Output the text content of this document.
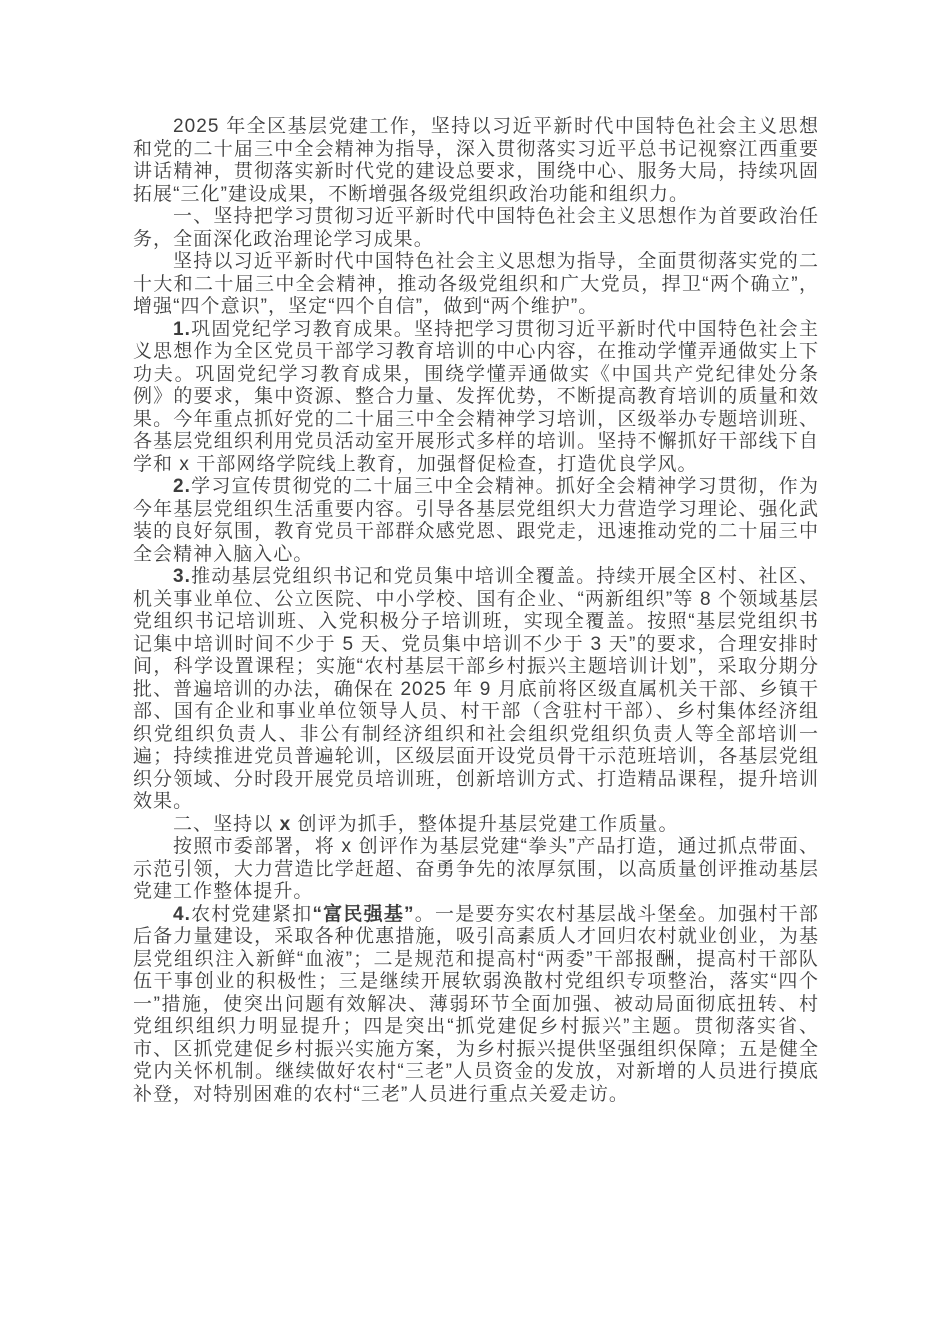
2025 年全区基层党建工作，坚持以习近平新时代中国特色社会主义思想和党的二十届三中全会精神为指导，深入贯彻落实习近平总书记视察江西重要讲话精神，贯彻落实新时代党的建设总要求，围绕中心、服务大局，持续巩固拓展“三化”建设成果，不断增强各级党组织政治功能和组织力。

一、坚持把学习贯彻习近平新时代中国特色社会主义思想作为首要政治任务，全面深化政治理论学习成果。

坚持以习近平新时代中国特色社会主义思想为指导，全面贯彻落实党的二十大和二十届三中全会精神，推动各级党组织和广大党员，捍卫“两个确立”，增强“四个意识”，坚定“四个自信”，做到“两个维护”。

1.巩固党纪学习教育成果。坚持把学习贯彻习近平新时代中国特色社会主义思想作为全区党员干部学习教育培训的中心内容，在推动学懂弄通做实上下功夫。巩固党纪学习教育成果，围绕学懂弄通做实《中国共产党纪律处分条例》的要求，集中资源、整合力量、发挥优势，不断提高教育培训的质量和效果。今年重点抓好党的二十届三中全会精神学习培训，区级举办专题培训班、各基层党组织利用党员活动室开展形式多样的培训。坚持不懈抓好干部线下自学和 x 干部网络学院线上教育，加强督促检查，打造优良学风。

2.学习宣传贯彻党的二十届三中全会精神。抓好全会精神学习贯彻，作为今年基层党组织生活重要内容。引导各基层党组织大力营造学习理论、强化武装的良好氛围，教育党员干部群众感党恩、跟党走，迅速推动党的二十届三中全会精神入脑入心。

3.推动基层党组织书记和党员集中培训全覆盖。持续开展全区村、社区、机关事业单位、公立医院、中小学校、国有企业、“两新组织”等 8 个领域基层党组织书记培训班、入党积极分子培训班，实现全覆盖。按照“基层党组织书记集中培训时间不少于 5 天、党员集中培训不少于 3 天”的要求，合理安排时间，科学设置课程；实施“农村基层干部乡村振兴主题培训计划”，采取分期分批、普遍培训的办法，确保在 2025 年 9 月底前将区级直属机关干部、乡镇干部、国有企业和事业单位领导人员、村干部（含驻村干部）、乡村集体经济组织党组织负责人、非公有制经济组织和社会组织党组织负责人等全部培训一遍；持续推进党员普遍轮训，区级层面开设党员骨干示范班培训，各基层党组织分领域、分时段开展党员培训班，创新培训方式、打造精品课程，提升培训效果。

二、坚持以 x 创评为抓手，整体提升基层党建工作质量。

按照市委部署，将 x 创评作为基层党建“拳头”产品打造，通过抓点带面、示范引领，大力营造比学赶超、奋勇争先的浓厚氛围，以高质量创评推动基层党建工作整体提升。

4.农村党建紧扣“富民强基”。一是要夯实农村基层战斗堡垒。加强村干部后备力量建设，采取各种优惠措施，吸引高素质人才回归农村就业创业，为基层党组织注入新鲜“血液”；二是规范和提高村“两委”干部报酬，提高村干部队伍干事创业的积极性；三是继续开展软弱涣散村党组织专项整治，落实“四个一”措施，使突出问题有效解决、薄弱环节全面加强、被动局面彻底扭转、村党组织组织力明显提升；四是突出“抓党建促乡村振兴”主题。贯彻落实省、市、区抓党建促乡村振兴实施方案，为乡村振兴提供坚强组织保障；五是健全党内关怀机制。继续做好农村“三老”人员资金的发放，对新增的人员进行摸底补登，对特别困难的农村“三老”人员进行重点关爱走访。
